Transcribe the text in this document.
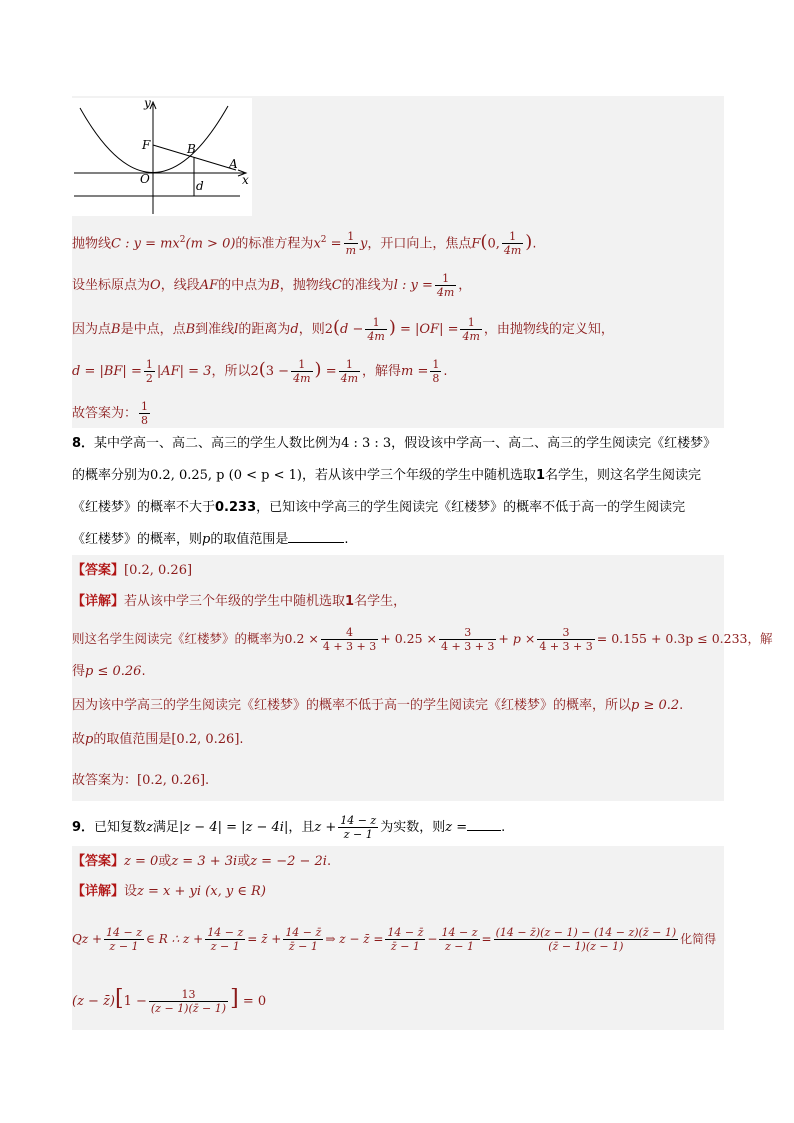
y
x
F	B
A
O	d
抛物线C : $y = mx^2(m > 0)$的标准方程为$x^2 = \frac{1}{m}$ y，开口向上，焦点F(0, $\frac{1}{4m}$ ).
设坐标原点为O，线段AF的中点为B，抛物线C的准线为l : $y = \frac{1}{4m}$ ，
因为点B是中点，点B到准线l的距离为d，则$2(d - \frac{1}{4m}$ ) = $|OF| = \frac{1}{4m}$ ，由抛物线的定义知，
$d = |BF| = \frac{1}{2} |AF| = 3$，所以$2(3 - \frac{1}{4m}$ ) = $\frac{1}{4m}$ ，解得$m = \frac{1}{8}$ .
故答案为： $\frac{1}{8}$
8．某中学高一、高二、高三的学生人数比例为4 : 3 : 3，假设该中学高一、高二、高三的学生阅读完《红楼梦》
的概率分别为0.2, 0.25, p (0 < p < 1)，若从该中学三个年级的学生中随机选取1名学生，则这名学生阅读完
《红楼梦》的概率不大于0.233，已知该中学高三的学生阅读完《红楼梦》的概率不低于高一的学生阅读完
《红楼梦》的概率，则p的取值范围是	.
【答案】[0.2, 0.26]
【详解】若从该中学三个年级的学生中随机选取1名学生，
则这名学生阅读完《红楼梦》的概率为$0.2 \times \frac{4}{4 + 3 + 3} + 0.25 \times \frac{3}{4 + 3 + 3} + p \times \frac{3}{4 + 3 + 3} = 0.155 + 0.3p \le 0.233$，解
得p ≤ 0.26.
因为该中学高三的学生阅读完《红楼梦》的概率不低于高一的学生阅读完《红楼梦》的概率，所以p ≥ 0.2.
故p的取值范围是[0.2, 0.26].
故答案为：[0.2, 0.26].
9．已知复数z满足|z − 4| = |z − 4i|，且$z + \frac{14 - z}{z - 1}$ 为实数，则z =	.
【答案】z = 0或z = 3 + 3i或z = −2 − 2i.
【详解】设z = x + yi (x, y ∈ R)
$Qz + \frac{14 - z}{z - 1}$ ∈ R ∴ $z + \frac{14 - z}{z - 1}$ = z̄ + $\frac{14 - z̄}{z̄ - 1}$ ⇒ z − z̄ = $\frac{14 - z̄}{z̄ - 1} - \frac{14 - z}{z - 1} = \frac{(14 - z̄)(z - 1) - (14 - z)(z̄ - 1)}{(z̄ - 1)(z - 1)}$ 化简得
(z − z̄)[1 − $\frac{13}{(z - 1)(z̄ - 1)}$ ] = 0
